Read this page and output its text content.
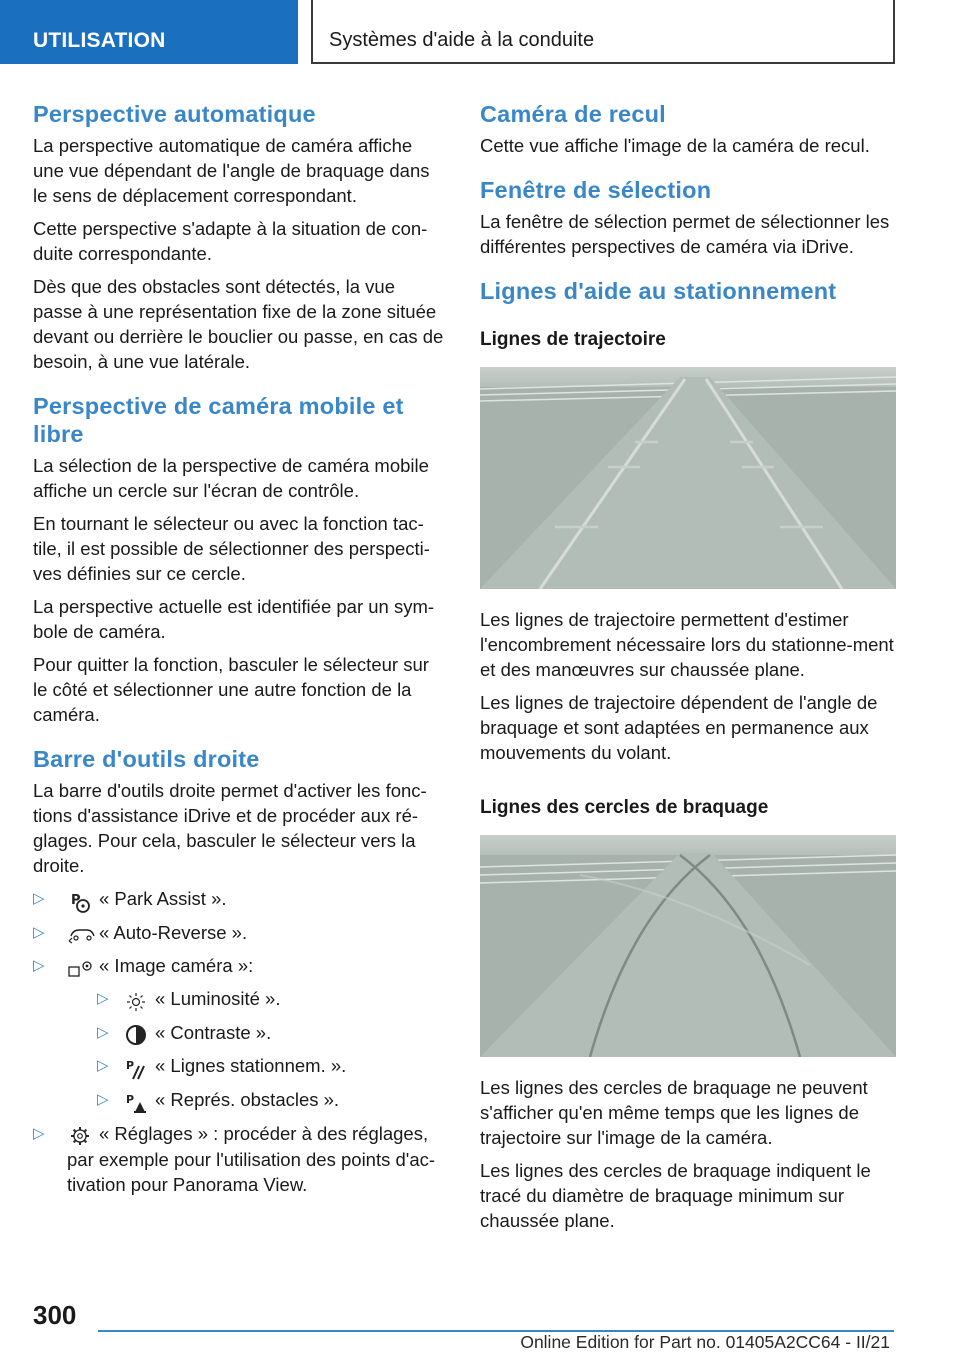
UTILISATION	Systèmes d'aide à la conduite
Perspective automatique

La perspective automatique de caméra affiche une vue dépendant de l'angle de braquage dans le sens de déplacement correspondant.

Cette perspective s'adapte à la situation de con-duite correspondante.

Dès que des obstacles sont détectés, la vue passe à une représentation fixe de la zone située devant ou derrière le bouclier ou passe, en cas de besoin, à une vue latérale.

Perspective de caméra mobile et libre

La sélection de la perspective de caméra mobile affiche un cercle sur l'écran de contrôle.

En tournant le sélecteur ou avec la fonction tac-tile, il est possible de sélectionner des perspecti-ves définies sur ce cercle.

La perspective actuelle est identifiée par un sym-bole de caméra.

Pour quitter la fonction, basculer le sélecteur sur le côté et sélectionner une autre fonction de la caméra.

Barre d'outils droite

La barre d'outils droite permet d'activer les fonc-tions d'assistance iDrive et de procéder aux ré-glages. Pour cela, basculer le sélecteur vers la droite.

▷ P « Park Assist ».
▷	« Auto-Reverse ».
▷	« Image caméra »:
▷	« Luminosité ».
▷	« Contraste ».
▷ P « Lignes stationnem. ».
▷ P « Représ. obstacles ».
▷	« Réglages » : procéder à des réglages, par exemple pour l'utilisation des points d'ac-tivation pour Panorama View.
Caméra de recul

Cette vue affiche l'image de la caméra de recul.

Fenêtre de sélection

La fenêtre de sélection permet de sélectionner les différentes perspectives de caméra via iDrive.

Lignes d'aide au stationnement
Lignes de trajectoire

Les lignes de trajectoire permettent d'estimer l'encombrement nécessaire lors du stationne-ment et des manœuvres sur chaussée plane.

Les lignes de trajectoire dépendent de l'angle de braquage et sont adaptées en permanence aux mouvements du volant.

Lignes des cercles de braquage

Les lignes des cercles de braquage ne peuvent s'afficher qu'en même temps que les lignes de trajectoire sur l'image de la caméra.

Les lignes des cercles de braquage indiquent le tracé du diamètre de braquage minimum sur chaussée plane.

300
Online Edition for Part no. 01405A2CC64 - II/21
